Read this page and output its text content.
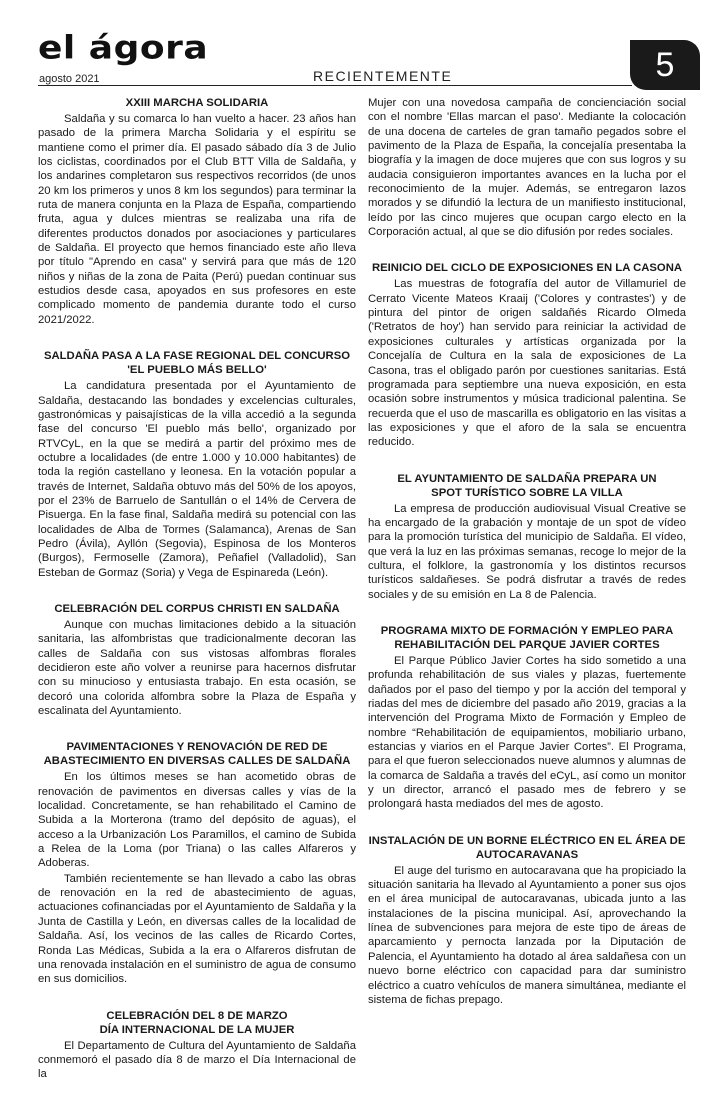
el ágora
agosto 2021	RECIENTEMENTE	5
XXIII MARCHA SOLIDARIA

Saldaña y su comarca lo han vuelto a hacer. 23 años han pasado de la primera Marcha Solidaria y el espíritu se mantiene como el primer día. El pasado sábado día 3 de Julio los ciclistas, coordinados por el Club BTT Villa de Saldaña, y los andarines completaron sus respectivos recorridos (de unos 20 km los primeros y unos 8 km los segundos) para terminar la ruta de manera conjunta en la Plaza de España, compartiendo fruta, agua y dulces mientras se realizaba una rifa de diferentes productos donados por asociaciones y particulares de Saldaña. El proyecto que hemos financiado este año lleva por título "Aprendo en casa" y servirá para que más de 120 niños y niñas de la zona de Paita (Perú) puedan continuar sus estudios desde casa, apoyados en sus profesores en este complicado momento de pandemia durante todo el curso 2021/2022.

SALDAÑA PASA A LA FASE REGIONAL DEL CONCURSO
'EL PUEBLO MÁS BELLO'

La candidatura presentada por el Ayuntamiento de Saldaña, destacando las bondades y excelencias culturales, gastronómicas y paisajísticas de la villa accedió a la segunda fase del concurso 'El pueblo más bello', organizado por RTVCyL, en la que se medirá a partir del próximo mes de octubre a localidades (de entre 1.000 y 10.000 habitantes) de toda la región castellano y leonesa. En la votación popular a través de Internet, Saldaña obtuvo más del 50% de los apoyos, por el 23% de Barruelo de Santullán o el 14% de Cervera de Pisuerga. En la fase final, Saldaña medirá su potencial con las localidades de Alba de Tormes (Salamanca), Arenas de San Pedro (Ávila), Ayllón (Segovia), Espinosa de los Monteros (Burgos), Fermoselle (Zamora), Peñafiel (Valladolid), San Esteban de Gormaz (Soria) y Vega de Espinareda (León).

CELEBRACIÓN DEL CORPUS CHRISTI EN SALDAÑA

Aunque con muchas limitaciones debido a la situación sanitaria, las alfombristas que tradicionalmente decoran las calles de Saldaña con sus vistosas alfombras florales decidieron este año volver a reunirse para hacernos disfrutar con su minucioso y entusiasta trabajo. En esta ocasión, se decoró una colorida alfombra sobre la Plaza de España y escalinata del Ayuntamiento.

PAVIMENTACIONES Y RENOVACIÓN DE RED DE
ABASTECIMIENTO EN DIVERSAS CALLES DE SALDAÑA

En los últimos meses se han acometido obras de renovación de pavimentos en diversas calles y vías de la localidad. Concretamente, se han rehabilitado el Camino de Subida a la Morterona (tramo del depósito de aguas), el acceso a la Urbanización Los Paramillos, el camino de Subida a Relea de la Loma (por Triana) o las calles Alfareros y Adoberas.

También recientemente se han llevado a cabo las obras de renovación en la red de abastecimiento de aguas, actuaciones cofinanciadas por el Ayuntamiento de Saldaña y la Junta de Castilla y León, en diversas calles de la localidad de Saldaña. Así, los vecinos de las calles de Ricardo Cortes, Ronda Las Médicas, Subida a la era o Alfareros disfrutan de una renovada instalación en el suministro de agua de consumo en sus domicilios.

CELEBRACIÓN DEL 8 DE MARZO
DÍA INTERNACIONAL DE LA MUJER

El Departamento de Cultura del Ayuntamiento de Saldaña conmemoró el pasado día 8 de marzo el Día Internacional de la

Mujer con una novedosa campaña de concienciación social con el nombre 'Ellas marcan el paso'. Mediante la colocación de una docena de carteles de gran tamaño pegados sobre el pavimento de la Plaza de España, la concejalía presentaba la biografía y la imagen de doce mujeres que con sus logros y su audacia consiguieron importantes avances en la lucha por el reconocimiento de la mujer. Además, se entregaron lazos morados y se difundió la lectura de un manifiesto institucional, leído por las cinco mujeres que ocupan cargo electo en la Corporación actual, al que se dio difusión por redes sociales.

REINICIO DEL CICLO DE EXPOSICIONES EN LA CASONA

Las muestras de fotografía del autor de Villamuriel de Cerrato Vicente Mateos Kraaij ('Colores y contrastes') y de pintura del pintor de origen saldañés Ricardo Olmeda ('Retratos de hoy') han servido para reiniciar la actividad de exposiciones culturales y artísticas organizada por la Concejalía de Cultura en la sala de exposiciones de La Casona, tras el obligado parón por cuestiones sanitarias. Está programada para septiembre una nueva exposición, en esta ocasión sobre instrumentos y música tradicional palentina. Se recuerda que el uso de mascarilla es obligatorio en las visitas a las exposiciones y que el aforo de la sala se encuentra reducido.

EL AYUNTAMIENTO DE SALDAÑA PREPARA UN
SPOT TURÍSTICO SOBRE LA VILLA

La empresa de producción audiovisual Visual Creative se ha encargado de la grabación y montaje de un spot de vídeo para la promoción turística del municipio de Saldaña. El vídeo, que verá la luz en las próximas semanas, recoge lo mejor de la cultura, el folklore, la gastronomía y los distintos recursos turísticos saldañeses. Se podrá disfrutar a través de redes sociales y de su emisión en La 8 de Palencia.

PROGRAMA MIXTO DE FORMACIÓN Y EMPLEO PARA
REHABILITACIÓN DEL PARQUE JAVIER CORTES

El Parque Público Javier Cortes ha sido sometido a una profunda rehabilitación de sus viales y plazas, fuertemente dañados por el paso del tiempo y por la acción del temporal y riadas del mes de diciembre del pasado año 2019, gracias a la intervención del Programa Mixto de Formación y Empleo de nombre “Rehabilitación de equipamientos, mobiliario urbano, estancias y viarios en el Parque Javier Cortes”. El Programa, para el que fueron seleccionados nueve alumnos y alumnas de la comarca de Saldaña a través del eCyL, así como un monitor y un director, arrancó el pasado mes de febrero y se prolongará hasta mediados del mes de agosto.

INSTALACIÓN DE UN BORNE ELÉCTRICO EN EL ÁREA DE
AUTOCARAVANAS

El auge del turismo en autocaravana que ha propiciado la situación sanitaria ha llevado al Ayuntamiento a poner sus ojos en el área municipal de autocaravanas, ubicada junto a las instalaciones de la piscina municipal. Así, aprovechando la línea de subvenciones para mejora de este tipo de áreas de aparcamiento y pernocta lanzada por la Diputación de Palencia, el Ayuntamiento ha dotado al área saldañesa con un nuevo borne eléctrico con capacidad para dar suministro eléctrico a cuatro vehículos de manera simultánea, mediante el sistema de fichas prepago.
